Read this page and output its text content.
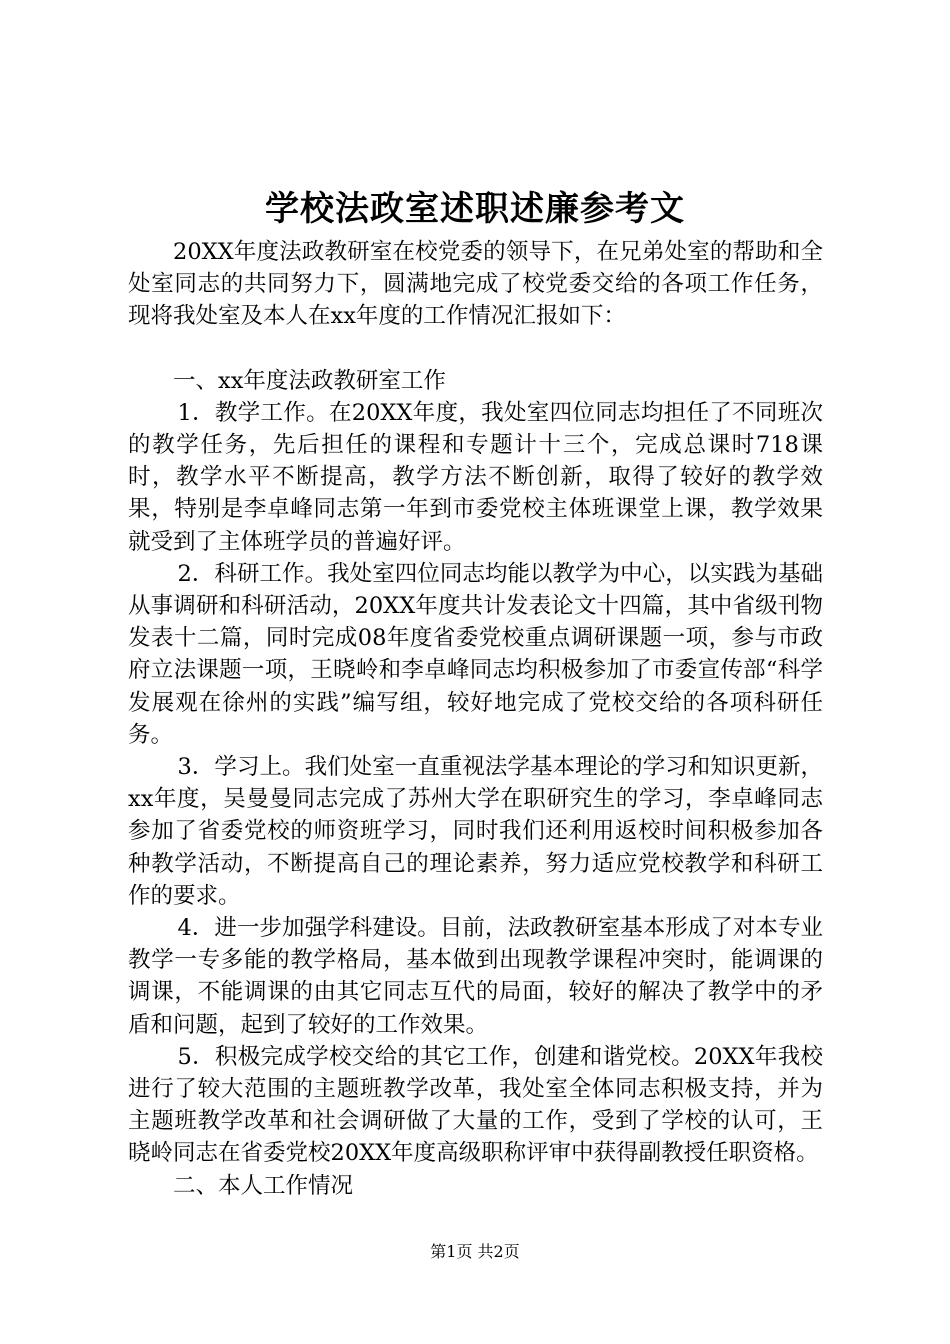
学校法政室述职述廉参考文

20XX年度法政教研室在校党委的领导下，在兄弟处室的帮助和全处室同志的共同努力下，圆满地完成了校党委交给的各项工作任务，现将我处室及本人在xx年度的工作情况汇报如下：

一、xx年度法政教研室工作

1．教学工作。在20XX年度，我处室四位同志均担任了不同班次的教学任务，先后担任的课程和专题计十三个，完成总课时718课时，教学水平不断提高，教学方法不断创新，取得了较好的教学效果，特别是李卓峰同志第一年到市委党校主体班课堂上课，教学效果就受到了主体班学员的普遍好评。

2．科研工作。我处室四位同志均能以教学为中心，以实践为基础从事调研和科研活动，20XX年度共计发表论文十四篇，其中省级刊物发表十二篇，同时完成08年度省委党校重点调研课题一项，参与市政府立法课题一项，王晓岭和李卓峰同志均积极参加了市委宣传部“科学发展观在徐州的实践”编写组，较好地完成了党校交给的各项科研任务。

3．学习上。我们处室一直重视法学基本理论的学习和知识更新，xx年度，吴曼曼同志完成了苏州大学在职研究生的学习，李卓峰同志参加了省委党校的师资班学习，同时我们还利用返校时间积极参加各种教学活动，不断提高自己的理论素养，努力适应党校教学和科研工作的要求。

4．进一步加强学科建设。目前，法政教研室基本形成了对本专业教学一专多能的教学格局，基本做到出现教学课程冲突时，能调课的调课，不能调课的由其它同志互代的局面，较好的解决了教学中的矛盾和问题，起到了较好的工作效果。

5．积极完成学校交给的其它工作，创建和谐党校。20XX年我校进行了较大范围的主题班教学改革，我处室全体同志积极支持，并为主题班教学改革和社会调研做了大量的工作，受到了学校的认可，王晓岭同志在省委党校20XX年度高级职称评审中获得副教授任职资格。

二、本人工作情况

第1页 共2页
